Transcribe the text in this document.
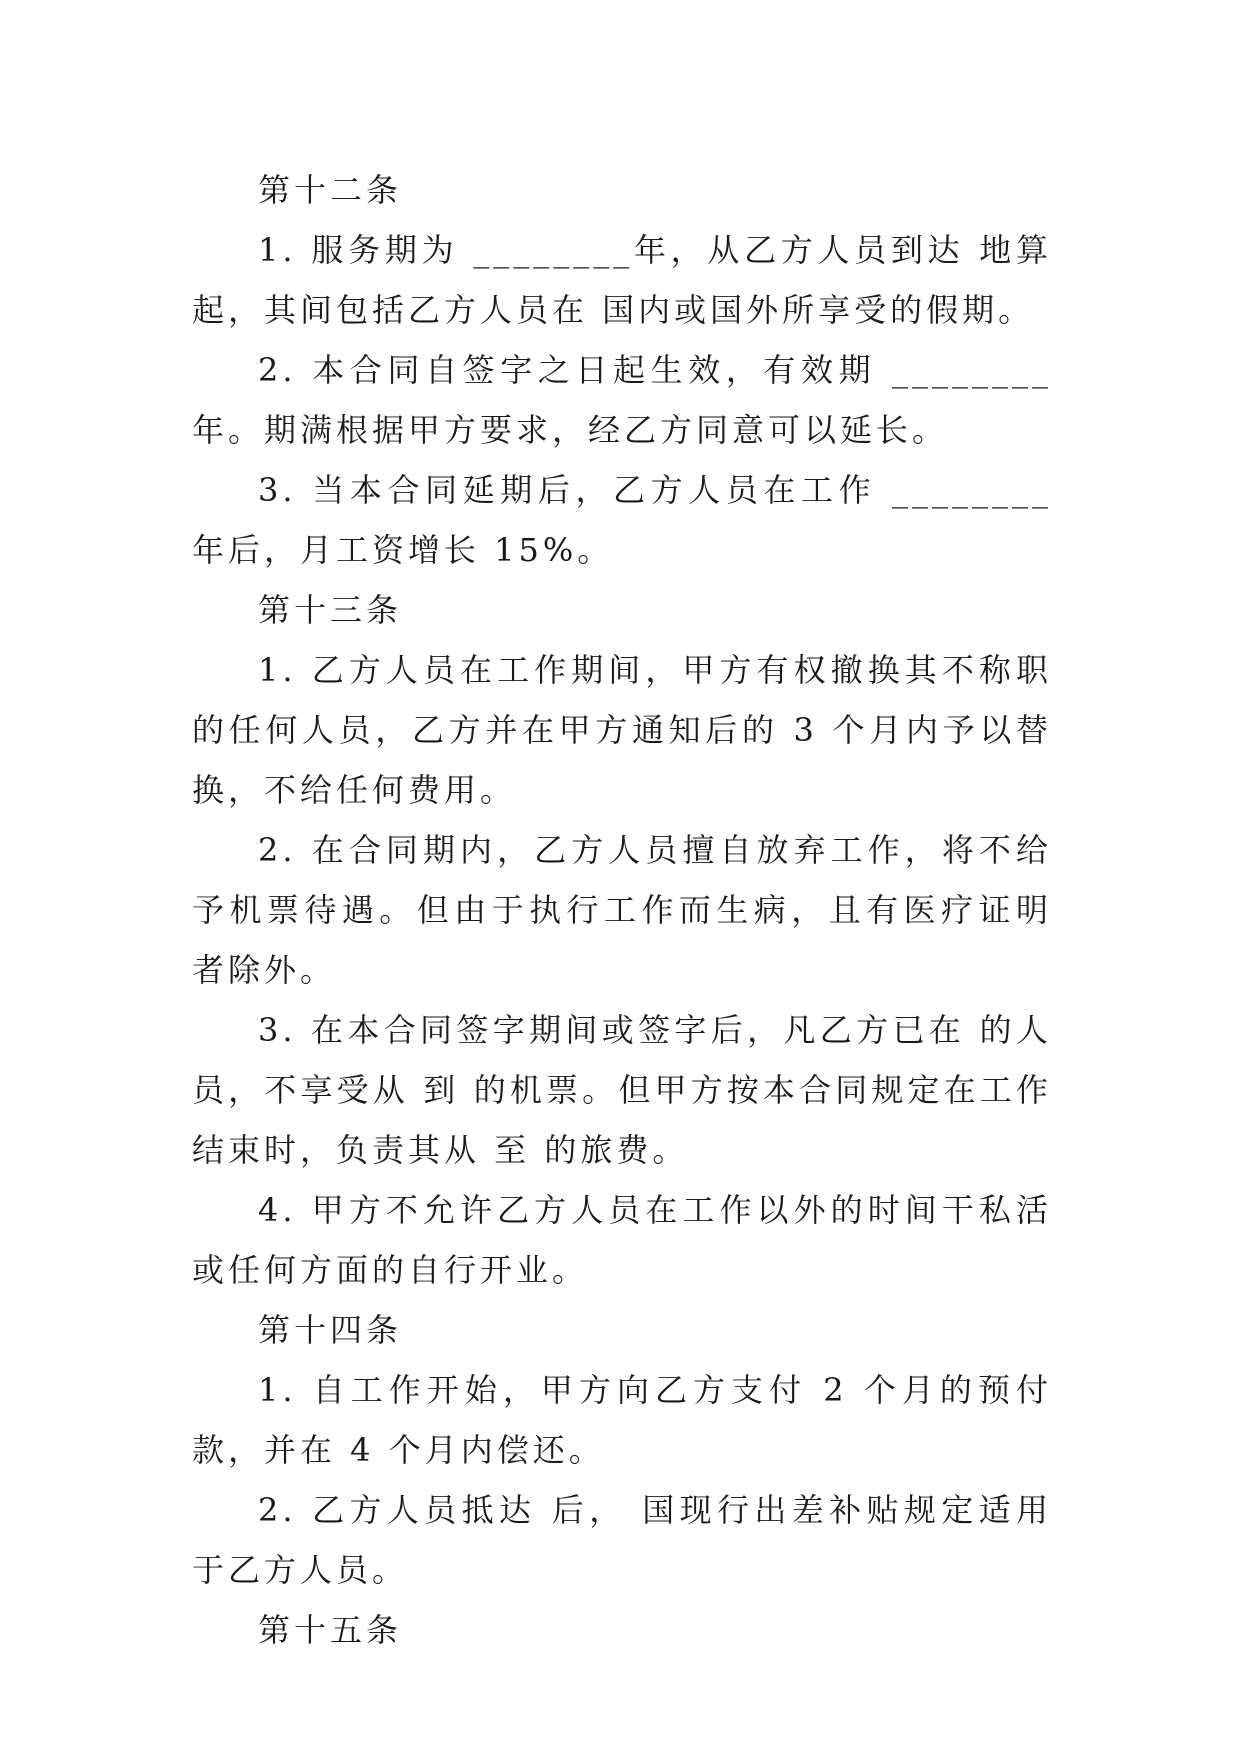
第十二条

1. 服务期为 ________年，从乙方人员到达 地算起，其间包括乙方人员在 国内或国外所享受的假期。

2. 本合同自签字之日起生效，有效期 ________年。期满根据甲方要求，经乙方同意可以延长。

3. 当本合同延期后，乙方人员在工作 ________年后，月工资增长 15%。

第十三条

1. 乙方人员在工作期间，甲方有权撤换其不称职的任何人员，乙方并在甲方通知后的 3 个月内予以替换，不给任何费用。

2. 在合同期内，乙方人员擅自放弃工作，将不给予机票待遇。但由于执行工作而生病，且有医疗证明者除外。

3. 在本合同签字期间或签字后，凡乙方已在 的人员，不享受从 到 的机票。但甲方按本合同规定在工作结束时，负责其从 至 的旅费。

4. 甲方不允许乙方人员在工作以外的时间干私活或任何方面的自行开业。

第十四条

1. 自工作开始，甲方向乙方支付 2 个月的预付款，并在 4 个月内偿还。

2. 乙方人员抵达 后， 国现行出差补贴规定适用于乙方人员。

第十五条
